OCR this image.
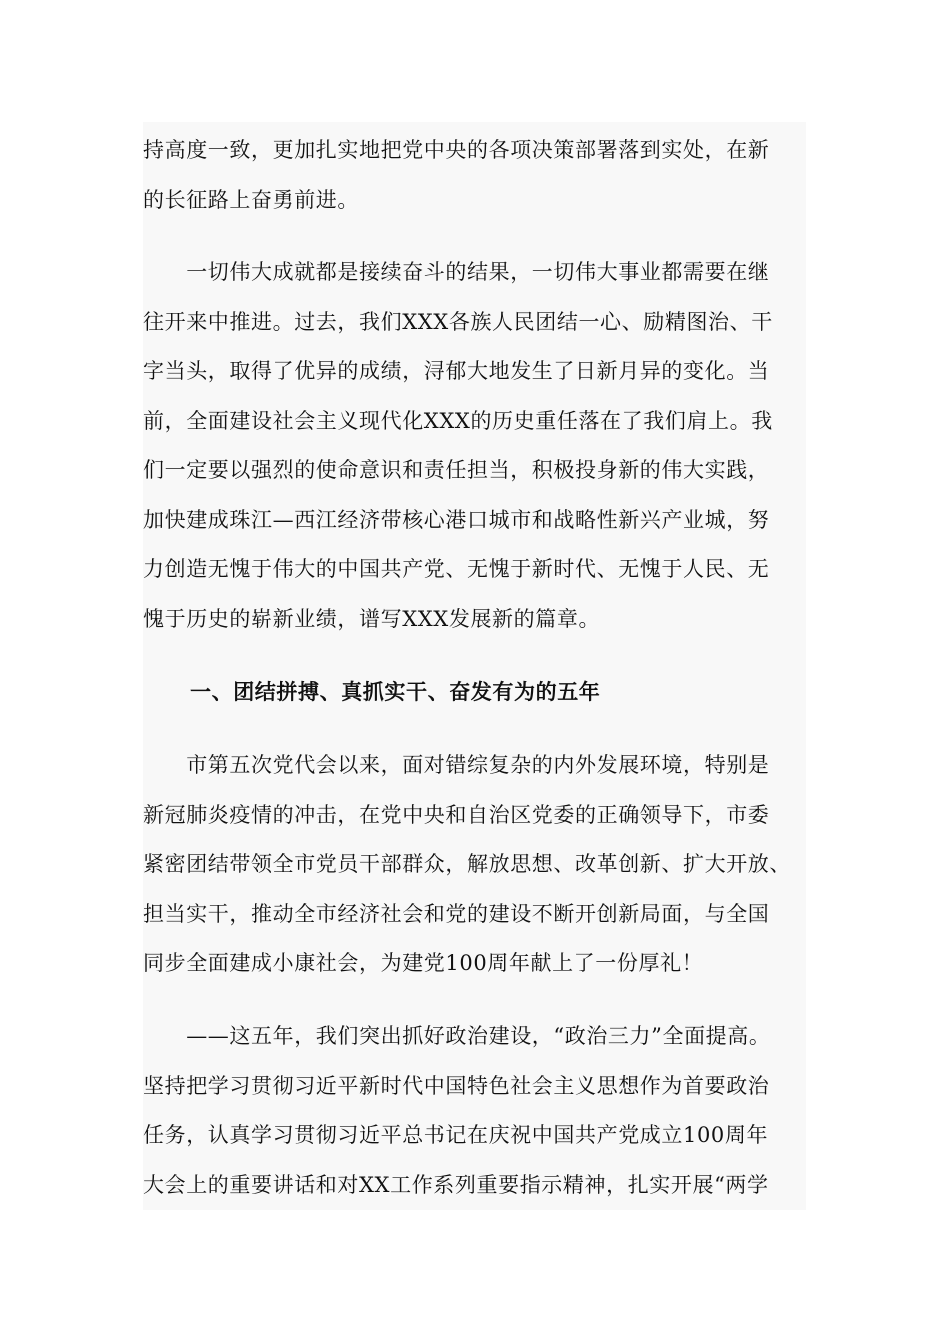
持高度一致，更加扎实地把党中央的各项决策部署落到实处，在新
的长征路上奋勇前进。

　　一切伟大成就都是接续奋斗的结果，一切伟大事业都需要在继
往开来中推进。过去，我们XXX各族人民团结一心、励精图治、干
字当头，取得了优异的成绩，浔郁大地发生了日新月异的变化。当
前，全面建设社会主义现代化XXX的历史重任落在了我们肩上。我
们一定要以强烈的使命意识和责任担当，积极投身新的伟大实践，
加快建成珠江—西江经济带核心港口城市和战略性新兴产业城，努
力创造无愧于伟大的中国共产党、无愧于新时代、无愧于人民、无
愧于历史的崭新业绩，谱写XXX发展新的篇章。

一、团结拼搏、真抓实干、奋发有为的五年

　　市第五次党代会以来，面对错综复杂的内外发展环境，特别是
新冠肺炎疫情的冲击，在党中央和自治区党委的正确领导下，市委
紧密团结带领全市党员干部群众，解放思想、改革创新、扩大开放、
担当实干，推动全市经济社会和党的建设不断开创新局面，与全国
同步全面建成小康社会，为建党100周年献上了一份厚礼！

　　——这五年，我们突出抓好政治建设，“政治三力”全面提高。
坚持把学习贯彻习近平新时代中国特色社会主义思想作为首要政治
任务，认真学习贯彻习近平总书记在庆祝中国共产党成立100周年
大会上的重要讲话和对XX工作系列重要指示精神，扎实开展“两学
